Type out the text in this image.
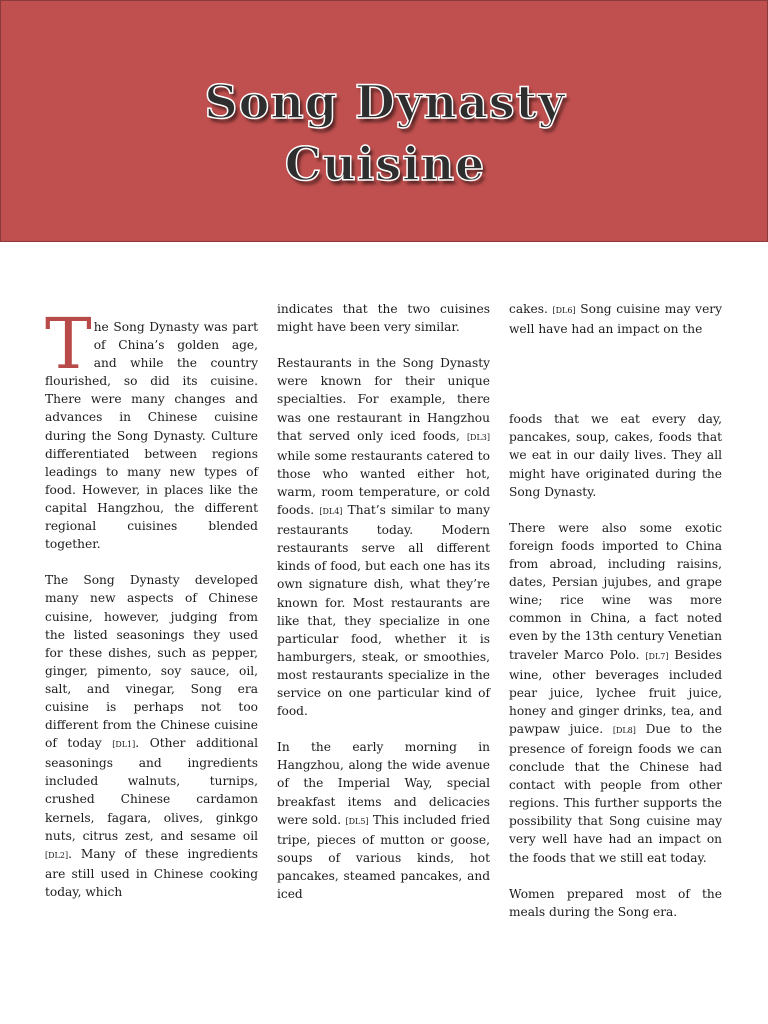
Song Dynasty
Cuisine

The Song Dynasty was part of China’s golden age, and while the country flourished, so did its cuisine. There were many changes and advances in Chinese cuisine during the Song Dynasty. Culture differentiated between regions leadings to many new types of food. However, in places like the capital Hangzhou, the different regional cuisines blended together.

The Song Dynasty developed many new aspects of Chinese cuisine, however, judging from the listed seasonings they used for these dishes, such as pepper, ginger, pimento, soy sauce, oil, salt, and vinegar, Song era cuisine is perhaps not too different from the Chinese cuisine of today [DL1]. Other additional seasonings and ingredients included walnuts, turnips, crushed Chinese cardamon kernels, fagara, olives, ginkgo nuts, citrus zest, and sesame oil [DL2]. Many of these ingredients are still used in Chinese cooking today, which

indicates that the two cuisines might have been very similar.

Restaurants in the Song Dynasty were known for their unique specialties. For example, there was one restaurant in Hangzhou that served only iced foods, [DL3] while some restaurants catered to those who wanted either hot, warm, room temperature, or cold foods. [DL4] That’s similar to many restaurants today. Modern restaurants serve all different kinds of food, but each one has its own signature dish, what they’re known for. Most restaurants are like that, they specialize in one particular food, whether it is hamburgers, steak, or smoothies, most restaurants specialize in the service on one particular kind of food.

In the early morning in Hangzhou, along the wide avenue of the Imperial Way, special breakfast items and delicacies were sold. [DL5] This included fried tripe, pieces of mutton or goose, soups of various kinds, hot pancakes, steamed pancakes, and iced

cakes. [DL6] Song cuisine may very well have had an impact on the

foods that we eat every day, pancakes, soup, cakes, foods that we eat in our daily lives. They all might have originated during the Song Dynasty.

There were also some exotic foreign foods imported to China from abroad, including raisins, dates, Persian jujubes, and grape wine; rice wine was more common in China, a fact noted even by the 13th century Venetian traveler Marco Polo. [DL7] Besides wine, other beverages included pear juice, lychee fruit juice, honey and ginger drinks, tea, and pawpaw juice. [DL8] Due to the presence of foreign foods we can conclude that the Chinese had contact with people from other regions. This further supports the possibility that Song cuisine may very well have had an impact on the foods that we still eat today.

Women prepared most of the meals during the Song era.
